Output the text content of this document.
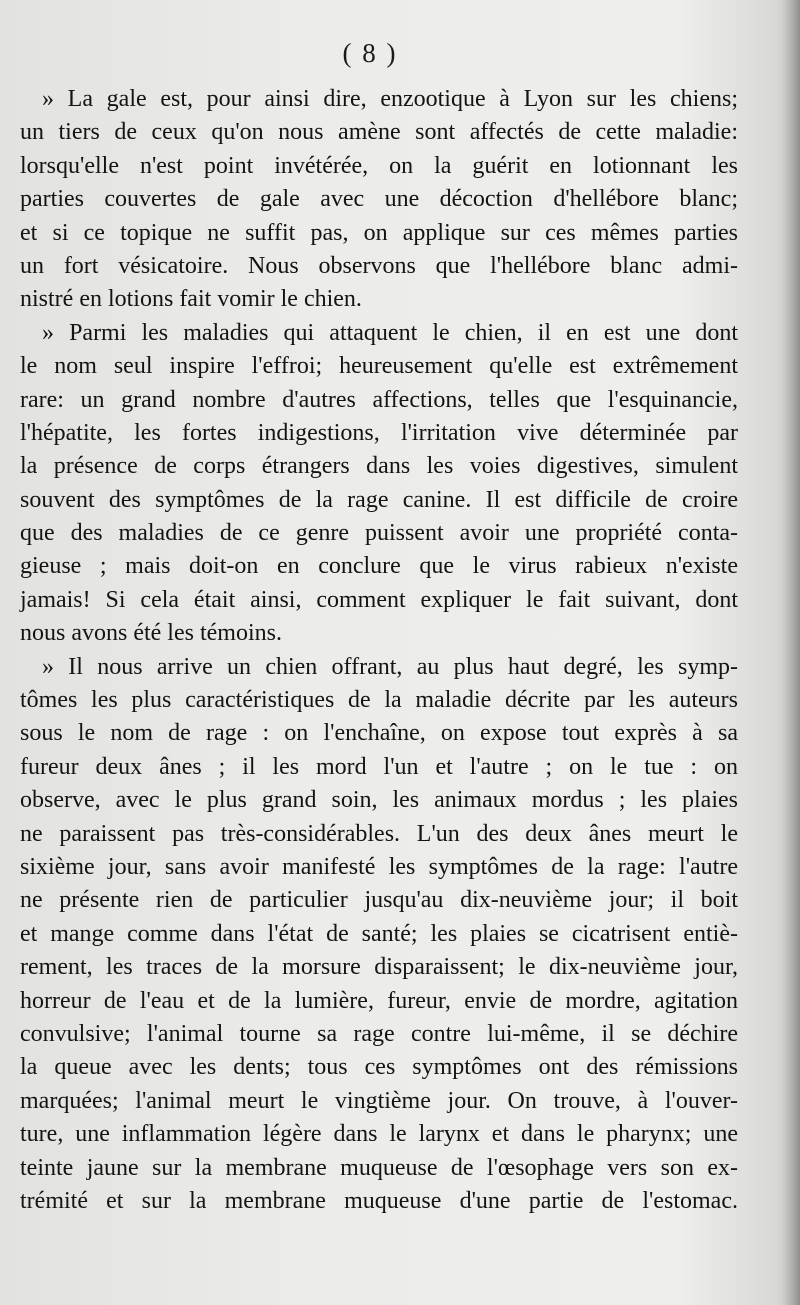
( 8 )
» La gale est, pour ainsi dire, enzootique à Lyon sur les chiens;
un tiers de ceux qu'on nous amène sont affectés de cette maladie:
lorsqu'elle n'est point invétérée, on la guérit en lotionnant les
parties couvertes de gale avec une décoction d'hellébore blanc;
et si ce topique ne suffit pas, on applique sur ces mêmes parties
un fort vésicatoire. Nous observons que l'hellébore blanc admi-
nistré en lotions fait vomir le chien.
» Parmi les maladies qui attaquent le chien, il en est une dont
le nom seul inspire l'effroi; heureusement qu'elle est extrêmement
rare: un grand nombre d'autres affections, telles que l'esquinancie,
l'hépatite, les fortes indigestions, l'irritation vive déterminée par
la présence de corps étrangers dans les voies digestives, simulent
souvent des symptômes de la rage canine. Il est difficile de croire
que des maladies de ce genre puissent avoir une propriété conta-
gieuse ; mais doit-on en conclure que le virus rabieux n'existe
jamais! Si cela était ainsi, comment expliquer le fait suivant, dont
nous avons été les témoins.
» Il nous arrive un chien offrant, au plus haut degré, les symp-
tômes les plus caractéristiques de la maladie décrite par les auteurs
sous le nom de rage : on l'enchaîne, on expose tout exprès à sa
fureur deux ânes ; il les mord l'un et l'autre ; on le tue : on
observe, avec le plus grand soin, les animaux mordus ; les plaies
ne paraissent pas très-considérables. L'un des deux ânes meurt le
sixième jour, sans avoir manifesté les symptômes de la rage: l'autre
ne présente rien de particulier jusqu'au dix-neuvième jour; il boit
et mange comme dans l'état de santé; les plaies se cicatrisent entiè-
rement, les traces de la morsure disparaissent; le dix-neuvième jour,
horreur de l'eau et de la lumière, fureur, envie de mordre, agitation
convulsive; l'animal tourne sa rage contre lui-même, il se déchire
la queue avec les dents; tous ces symptômes ont des rémissions
marquées; l'animal meurt le vingtième jour. On trouve, à l'ouver-
ture, une inflammation légère dans le larynx et dans le pharynx; une
teinte jaune sur la membrane muqueuse de l'œsophage vers son ex-
trémité et sur la membrane muqueuse d'une partie de l'estomac.
